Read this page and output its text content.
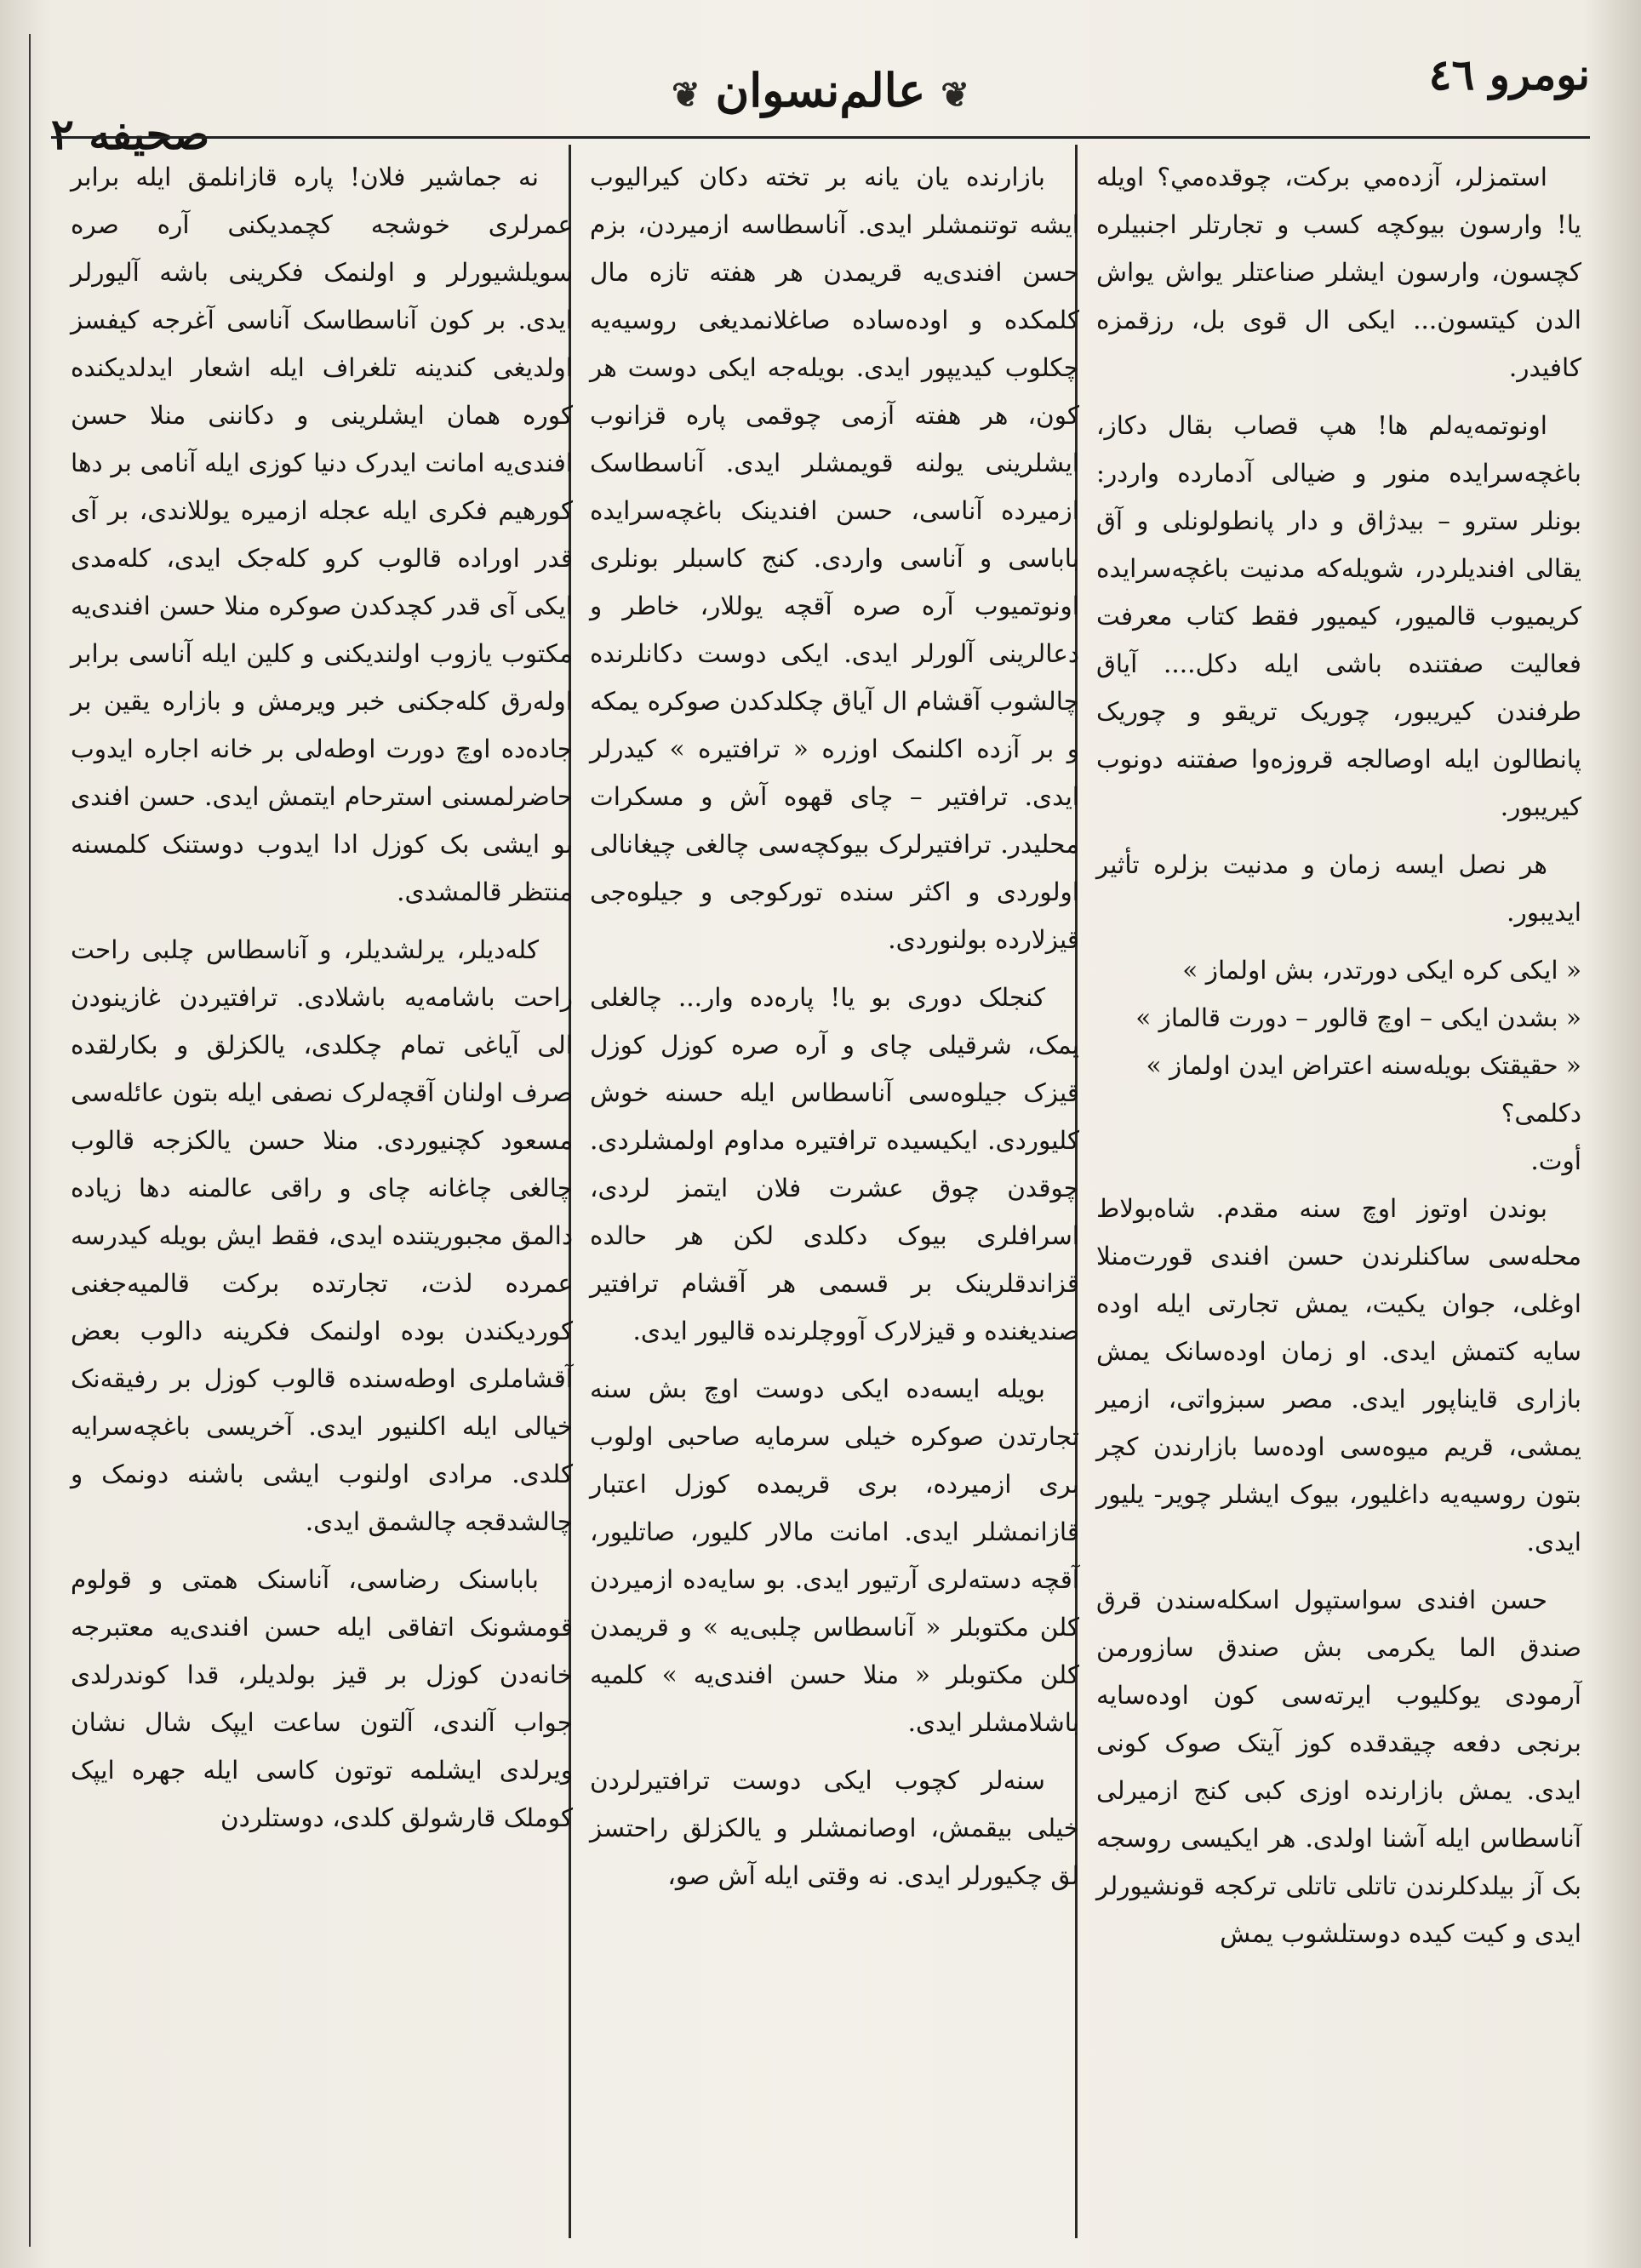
نومرو ٤٦
❦عالم‌نسوان❦
صحیفه ٢

استمزلر، آزده‌مي برکت، چوقده‌مي؟ اویله یا! وارسون بیوکچه کسب و تجارتلر اجنبیلره کچسون، وارسون ایشلر صناعتلر یواش یواش الدن کیتسون... ایکی ال قوی بل، رزقمزه کافیدر.

اونوتمه‌یه‌لم ها! هپ قصاب بقال دکاز، باغچه‌سرایده منور و ضیالی آدمارده واردر: بونلر سترو – بیدژاق و دار پانطولونلی و آق یقالی افندیلردر، شویله‌که مدنیت باغچه‌سرایده کریمیوب قالمیور، کیمیور فقط کتاب معرفت فعالیت صفتنده باشی ایله دکل.... آیاق طرفندن کیریبور، چوریک تریقو و چوریک پانطالون ایله اوصالجه قروزه‌وا صفتنه دونوب کیریبور.

هر نصل ایسه زمان و مدنیت بزلره تأثیر ایدیبور.

« ایکی کره ایکی دورتدر، بش اولماز »

« بشدن ایکی – اوچ قالور – دورت قالماز »

« حقیقتک بویله‌سنه اعتراض ایدن اولماز »

دکلمی؟

أوت.

بوندن اوتوز اوچ سنه مقدم. شاه‌بولاط محله‌سی ساکنلرندن حسن افندی قورت‌منلا اوغلی، جوان یکیت، یمش تجارتی ایله اوده سایه کتمش ایدی. او زمان اوده‌سانک یمش بازاری قایناپور ایدی. مصر سبزواتی، ازمیر یمشی، قریم میوه‌سی اوده‌سا بازارندن کچر بتون روسیه‌یه داغلیور، بیوک ایشلر چویر- یلیور ایدی.

حسن افندی سواستپول اسکله‌سندن قرق صندق الما یکرمی بش صندق سازورمن آرمودی یوکلیوب ایرته‌سی کون اوده‌سایه برنجی دفعه چیقدقده کوز آیتک صوک کونی ایدی. یمش بازارنده اوزی کبی کنج ازمیرلی آناسطاس ایله آشنا اولدی. هر ایکیسی روسجه بک آز بیلدکلرندن تاتلی تاتلی ترکجه قونشیورلر ایدی و کیت کیده دوستلشوب یمش

بازارنده یان یانه بر تخته دکان کیرالیوب ایشه توتنمشلر ایدی. آناسطاسه ازمیردن، بزم حسن افندی‌یه قریمدن هر هفته تازه مال کلمکده و اوده‌سا‌ده صاغلانمدیغی روسیه‌یه چکلوب کیدیپور ایدی. بویله‌جه ایکی دوست هر کون، هر هفته آزمی چوقمی پاره قزانوب ایشلرینی یولنه قویمشلر ایدی. آناسطاسک ازمیرده آناسی، حسن افندینک باغچه‌سرایده باباسی و آناسی واردی. کنج کاسبلر بونلری اونوتمیوب آره صره آقچه یوللار، خاطر و دعالرینی آلورلر ایدی. ایکی دوست دکانلرنده چالشوب آقشام ال آیاق چکلدکدن صوکره یمکه و بر آزده اکلنمک اوزره « ترافتیره » کیدرلر ایدی. ترافتیر – چای قهوه آش و مسکرات محلیدر. ترافتیرلرک بیوکچه‌سی چالغی چیغانالی اولوردی و اکثر سنده تورکوجی و جیلوه‌جی قیزلارده بولنوردی.

کنجلک دوری بو یا! پاره‌ده وار... چالغلی یمک، شرقیلی چای و آره صره کوزل کوزل قیزک جیلوه‌سی آناسطاس ایله حسنه خوش کلیوردی. ایکیسیده ترافتیره مداوم اولمشلردی. چوقدن چوق عشرت فلان ایتمز لردی، اسرافلری بیوک دکلدی لکن هر حالده قزاندقلرینک بر قسمی هر آقشام ترافتیر صندیغنده و قیزلارک آووچلرنده قالیور ایدی.

بویله ایسه‌ده ایکی دوست اوچ بش سنه تجارتدن صوکره خیلی سرمایه صاحبی اولوب بری ازمیرده، بری قریمده کوزل اعتبار قازانمشلر ایدی. امانت مالار کلیور، صاتلیور، آقچه دسته‌لری آرتیور ایدی. بو سایه‌ده ازمیردن کلن مکتوبلر « آناسطاس چلبی‌یه » و قریمدن کلن مکتوبلر « منلا حسن افندی‌یه » کلمیه باشلامشلر ایدی.

سنه‌لر کچوب ایکی دوست ترافتیرلردن خیلی بیقمش، اوصانمشلر و یالکزلق راحتسز لق چکیورلر ایدی. نه وقتی ایله آش صو،

نه جماشیر فلان! پاره قازانلمق ایله برابر عمرلری خوشجه کچمدیکنی آره صره سویلشیورلر و اولنمک فکرینی باشه آلیورلر ایدی. بر کون آناسطاسک آناسی آغرجه کیفسز اولدیغی کندینه تلغراف ایله اشعار ایدلدیکنده کوره همان ایشلرینی و دکاننی منلا حسن افندی‌یه امانت ایدرک دنیا کوزی ایله آنامی بر دها کورهیم فکری ایله عجله ازمیره یوللاندی، بر آی قدر اوراده قالوب کرو کله‌جک ایدی، کله‌مدی ایکی آی قدر کچدکدن صوکره منلا حسن افندی‌یه مکتوب یازوب اولندیکنی و کلین ایله آناسی برابر اوله‌رق کله‌جکنی خبر ویرمش و بازاره یقین بر جاده‌ده اوچ دورت اوطه‌لی بر خانه اجاره ایدوب حاضرلمسنی استرحام ایتمش ایدی. حسن افندی بو ایشی بک کوزل ادا ایدوب دوستنک کلمسنه منتظر قالمشدی.

کله‌دیلر، یرلشدیلر، و آناسطاس چلبی راحت راحت باشامه‌یه باشلادی. ترافتیردن غازینودن الی آیاغی تمام چکلدی، یالکزلق و بکارلقده صرف اولنان آقچه‌لرک نصفی ایله بتون عائله‌سی مسعود کچنیوردی. منلا حسن یالکزجه قالوب چالغی چاغانه چای و راقی عالمنه دها زیاده دالمق مجبوریتنده ایدی، فقط ایش بویله کیدرسه عمرده لذت، تجارتده برکت قالمیه‌جغنی کوردیکندن بوده اولنمک فکرینه دالوب بعض آقشاملری اوطه‌سنده قالوب کوزل بر رفیقه‌نک خیالی ایله اکلنیور ایدی. آخریسی باغچه‌سرایه کلدی. مرادی اولنوب ایشی باشنه دونمک و چالشدقجه چالشمق ایدی.

باباسنک رضاسی، آناسنک همتی و قولوم قومشونک اتفاقی ایله حسن افندی‌یه معتبرجه خانه‌دن کوزل بر قیز بولدیلر، قدا کوندرلدی جواب آلندی، آلتون ساعت ایپک شال نشان ویرلدی ایشلمه توتون کاسی ایله جهره ایپک کوملک قارشولق کلدی، دوستلردن
